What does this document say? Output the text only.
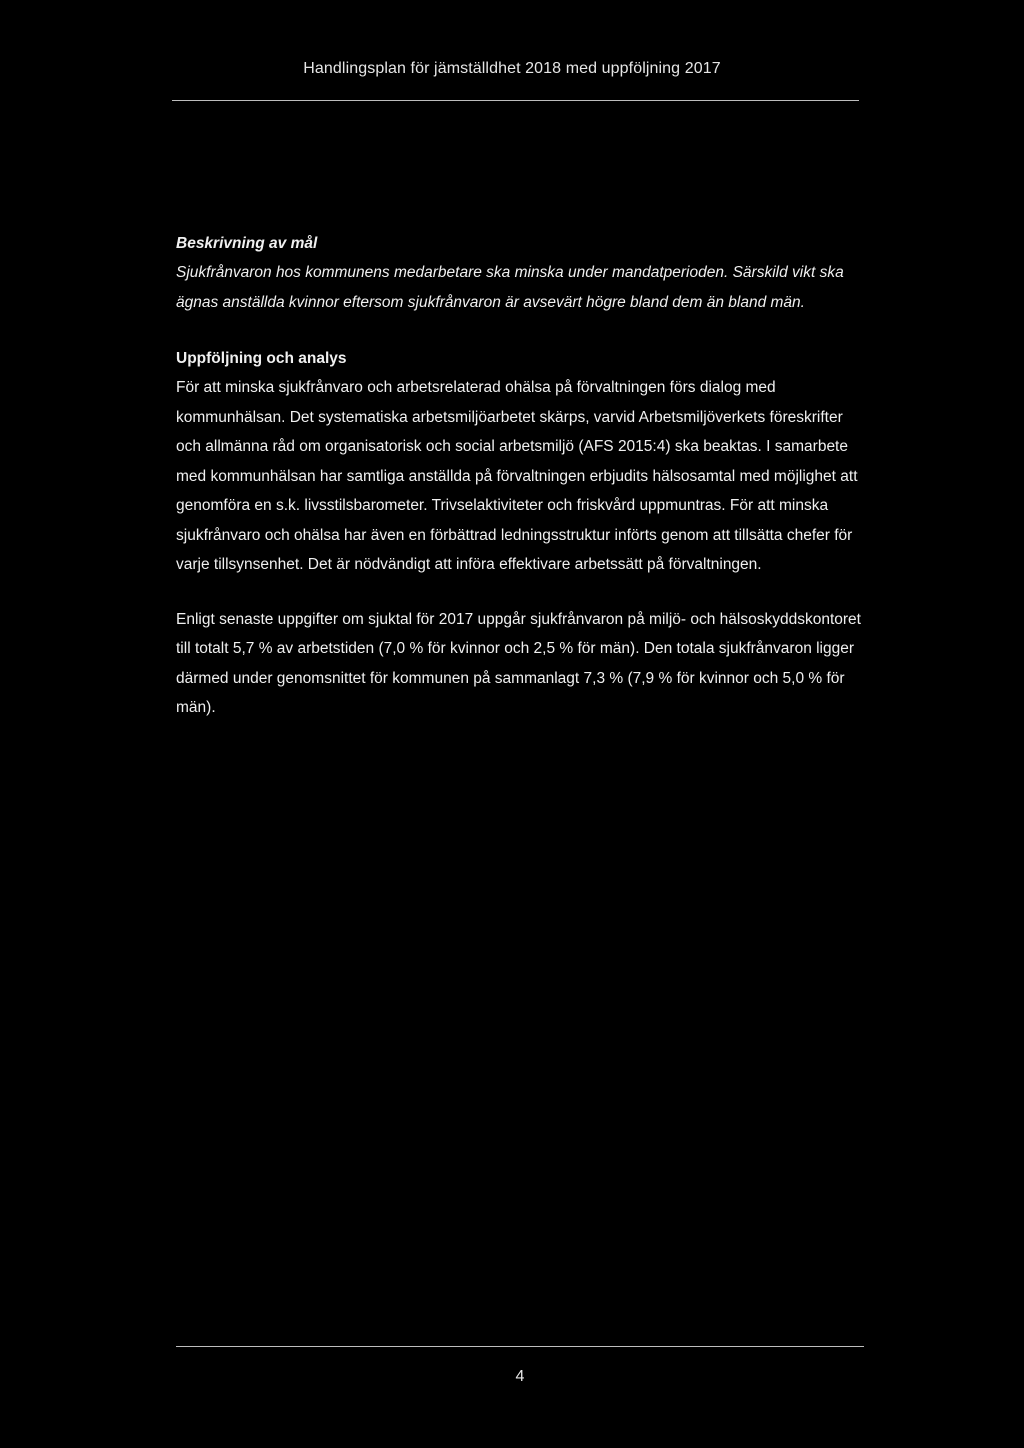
Handlingsplan för jämställdhet 2018 med uppföljning 2017

Beskrivning av mål

Sjukfrånvaron hos kommunens medarbetare ska minska under mandatperioden. Särskild vikt ska ägnas anställda kvinnor eftersom sjukfrånvaron är avsevärt högre bland dem än bland män.

Uppföljning och analys

För att minska sjukfrånvaro och arbetsrelaterad ohälsa på förvaltningen förs dialog med kommunhälsan. Det systematiska arbetsmiljöarbetet skärps, varvid Arbetsmiljöverkets föreskrifter och allmänna råd om organisatorisk och social arbetsmiljö (AFS 2015:4) ska beaktas. I samarbete med kommunhälsan har samtliga anställda på förvaltningen erbjudits hälsosamtal med möjlighet att genomföra en s.k. livsstilsbarometer. Trivselaktiviteter och friskvård uppmuntras. För att minska sjukfrånvaro och ohälsa har även en förbättrad ledningsstruktur införts genom att tillsätta chefer för varje tillsynsenhet. Det är nödvändigt att införa effektivare arbetssätt på förvaltningen.

Enligt senaste uppgifter om sjuktal för 2017 uppgår sjukfrånvaron på miljö- och hälsoskyddskontoret till totalt 5,7 % av arbetstiden (7,0 % för kvinnor och 2,5 % för män). Den totala sjukfrånvaron ligger därmed under genomsnittet för kommunen på sammanlagt 7,3 % (7,9 % för kvinnor och 5,0 % för män).

4
